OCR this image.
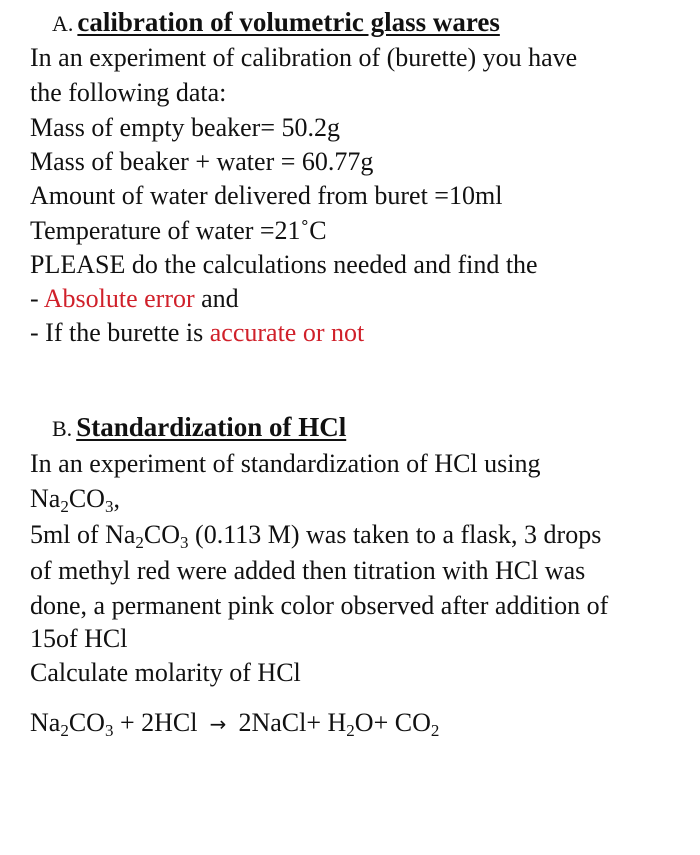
A. calibration of volumetric glass wares
In an experiment of calibration of (burette) you have
the following data:
Mass of empty beaker= 50.2g
Mass of beaker + water = 60.77g
Amount of water delivered from buret =10ml
Temperature of water =21˚C
PLEASE do the calculations needed and find the
- Absolute error and
- If the burette is accurate or not
B. Standardization of HCl
In an experiment of standardization of HCl using
$Na_2CO_3$,
5ml of $Na_2CO_3$ (0.113 M) was taken to a flask, 3 drops
of methyl red were added then titration with HCl was
done, a permanent pink color observed after addition of
15of HCl
Calculate molarity of HCl
$Na_2CO_3 + 2HCl$ → 2NaCl+ $H_2O+ CO_2$
